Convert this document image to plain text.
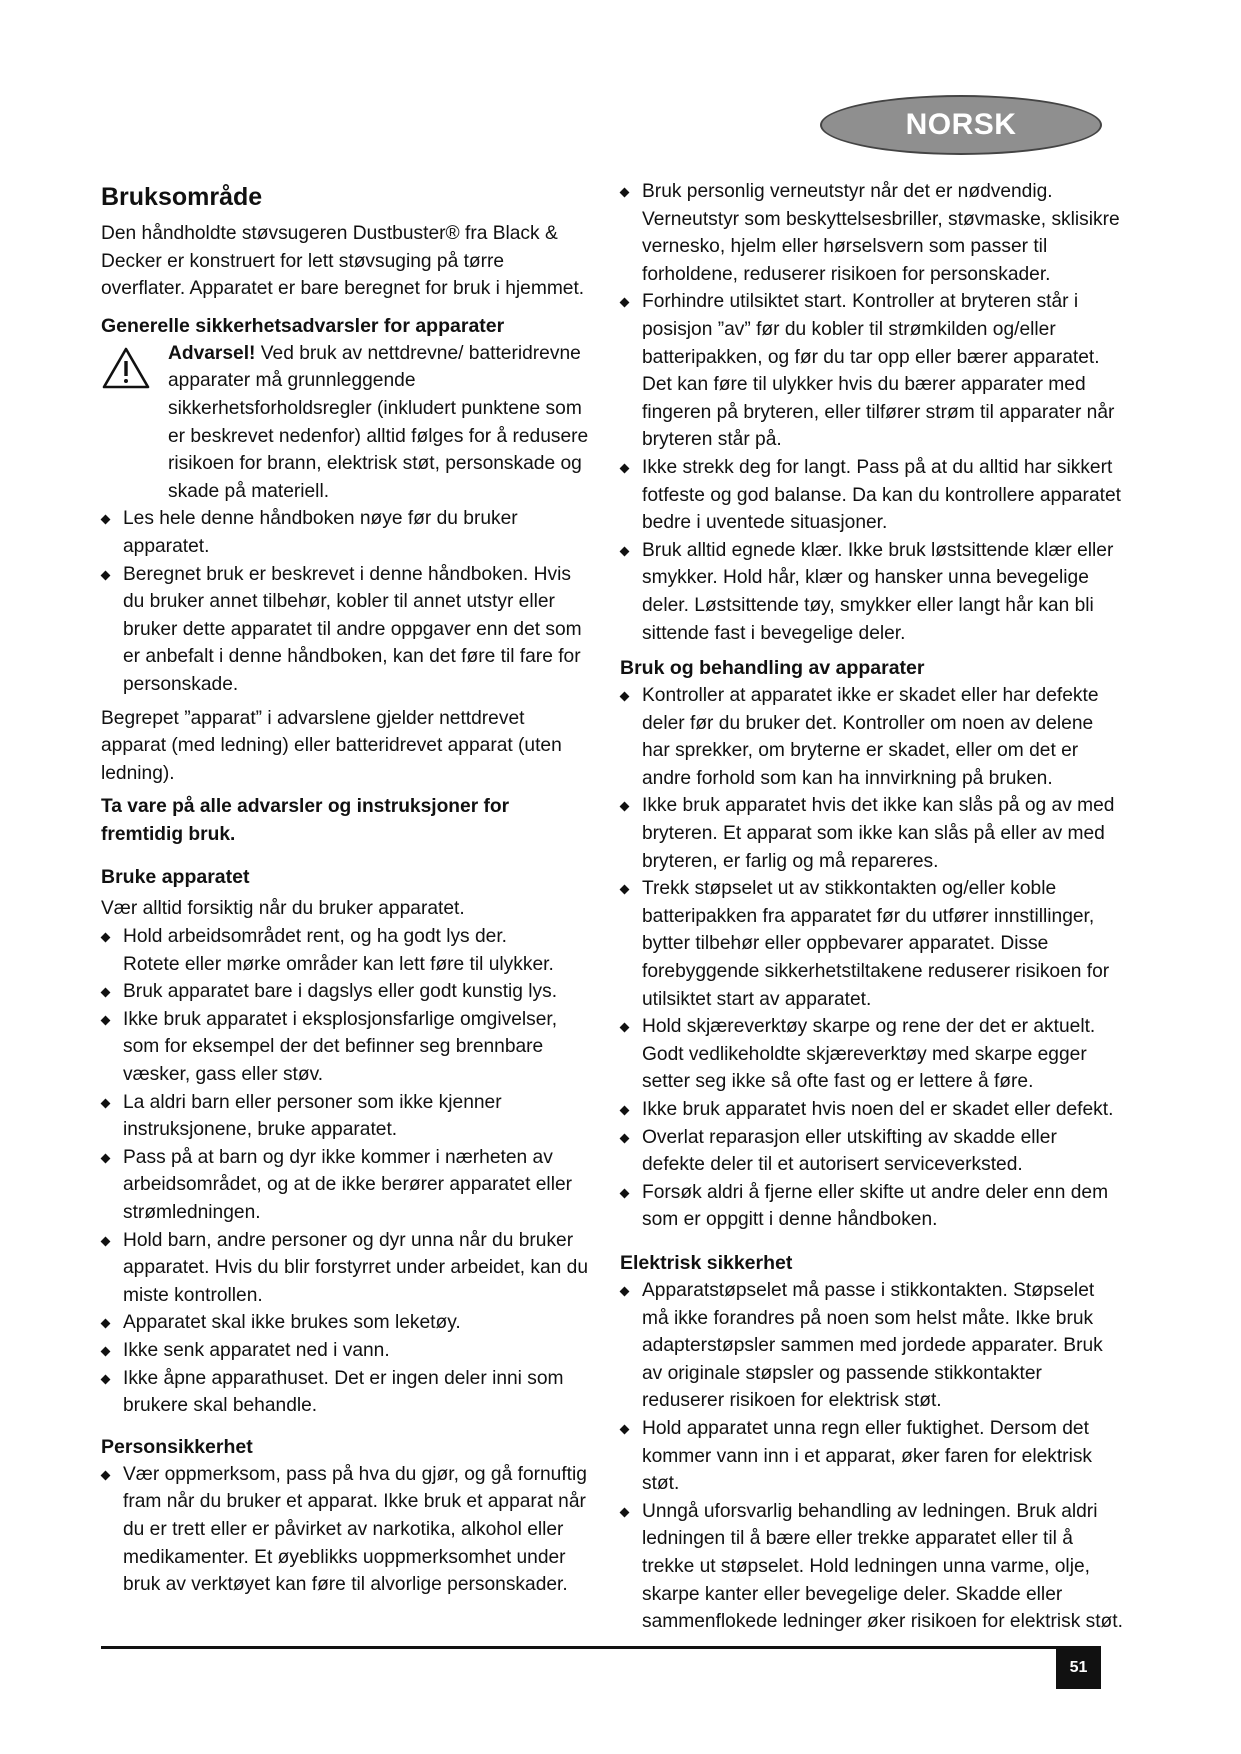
NORSK
Bruksområde

Den håndholdte støvsugeren Dustbuster® fra Black & Decker er konstruert for lett støvsuging på tørre overflater. Apparatet er bare beregnet for bruk i hjemmet.

Generelle sikkerhetsadvarsler for apparater
Advarsel! Ved bruk av nettdrevne/ batteridrevne apparater må grunnleggende sikkerhetsforholdsregler (inkludert punktene som er beskrevet nedenfor) alltid følges for å redusere risikoen for brann, elektrisk støt, personskade og skade på materiell.
Les hele denne håndboken nøye før du bruker apparatet.
Beregnet bruk er beskrevet i denne håndboken. Hvis du bruker annet tilbehør, kobler til annet utstyr eller bruker dette apparatet til andre oppgaver enn det som er anbefalt i denne håndboken, kan det føre til fare for personskade.

Begrepet ”apparat” i advarslene gjelder nettdrevet apparat (med ledning) eller batteridrevet apparat (uten ledning).

Ta vare på alle advarsler og instruksjoner for fremtidig bruk.

Bruke apparatet

Vær alltid forsiktig når du bruker apparatet.

Hold arbeidsområdet rent, og ha godt lys der.
Rotete eller mørke områder kan lett føre til ulykker.
Bruk apparatet bare i dagslys eller godt kunstig lys.
Ikke bruk apparatet i eksplosjonsfarlige omgivelser, som for eksempel der det befinner seg brennbare væsker, gass eller støv.
La aldri barn eller personer som ikke kjenner instruksjonene, bruke apparatet.
Pass på at barn og dyr ikke kommer i nærheten av arbeidsområdet, og at de ikke berører apparatet eller strømledningen.
Hold barn, andre personer og dyr unna når du bruker apparatet. Hvis du blir forstyrret under arbeidet, kan du miste kontrollen.
Apparatet skal ikke brukes som leketøy.
Ikke senk apparatet ned i vann.
Ikke åpne apparathuset. Det er ingen deler inni som brukere skal behandle.
Personsikkerhet
Vær oppmerksom, pass på hva du gjør, og gå fornuftig fram når du bruker et apparat. Ikke bruk et apparat når du er trett eller er påvirket av narkotika, alkohol eller medikamenter. Et øyeblikks uoppmerksomhet under bruk av verktøyet kan føre til alvorlige personskader.
Bruk personlig verneutstyr når det er nødvendig. Verneutstyr som beskyttelsesbriller, støvmaske, sklisikre vernesko, hjelm eller hørselsvern som passer til forholdene, reduserer risikoen for personskader.
Forhindre utilsiktet start. Kontroller at bryteren står i posisjon ”av” før du kobler til strømkilden og/eller batteripakken, og før du tar opp eller bærer apparatet. Det kan føre til ulykker hvis du bærer apparater med fingeren på bryteren, eller tilfører strøm til apparater når bryteren står på.
Ikke strekk deg for langt. Pass på at du alltid har sikkert fotfeste og god balanse. Da kan du kontrollere apparatet bedre i uventede situasjoner.
Bruk alltid egnede klær. Ikke bruk løstsittende klær eller smykker. Hold hår, klær og hansker unna bevegelige deler. Løstsittende tøy, smykker eller langt hår kan bli sittende fast i bevegelige deler.
Bruk og behandling av apparater
Kontroller at apparatet ikke er skadet eller har defekte deler før du bruker det. Kontroller om noen av delene har sprekker, om bryterne er skadet, eller om det er andre forhold som kan ha innvirkning på bruken.
Ikke bruk apparatet hvis det ikke kan slås på og av med bryteren. Et apparat som ikke kan slås på eller av med bryteren, er farlig og må repareres.
Trekk støpselet ut av stikkontakten og/eller koble batteripakken fra apparatet før du utfører innstillinger, bytter tilbehør eller oppbevarer apparatet. Disse forebyggende sikkerhetstiltakene reduserer risikoen for utilsiktet start av apparatet.
Hold skjæreverktøy skarpe og rene der det er aktuelt. Godt vedlikeholdte skjæreverktøy med skarpe egger setter seg ikke så ofte fast og er lettere å føre.
Ikke bruk apparatet hvis noen del er skadet eller defekt.
Overlat reparasjon eller utskifting av skadde eller defekte deler til et autorisert serviceverksted.
Forsøk aldri å fjerne eller skifte ut andre deler enn dem som er oppgitt i denne håndboken.
Elektrisk sikkerhet
Apparatstøpselet må passe i stikkontakten. Støpselet må ikke forandres på noen som helst måte. Ikke bruk adapterstøpsler sammen med jordede apparater. Bruk av originale støpsler og passende stikkontakter reduserer risikoen for elektrisk støt.
Hold apparatet unna regn eller fuktighet. Dersom det kommer vann inn i et apparat, øker faren for elektrisk støt.
Unngå uforsvarlig behandling av ledningen. Bruk aldri ledningen til å bære eller trekke apparatet eller til å trekke ut støpselet. Hold ledningen unna varme, olje, skarpe kanter eller bevegelige deler. Skadde eller sammenflokede ledninger øker risikoen for elektrisk støt.
51
